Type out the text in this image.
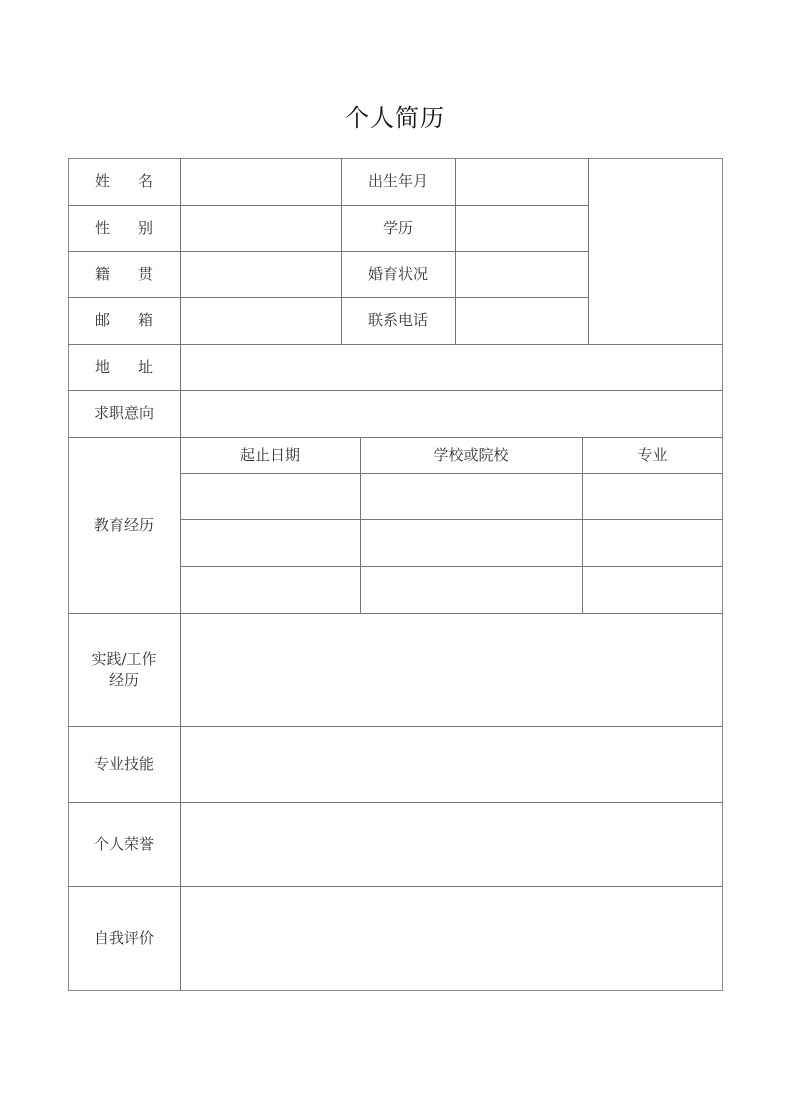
个人简历
姓名
性别
籍贯
邮箱
地址
求职意向
出生年月
学历
婚育状况
联系电话
教育经历
起止日期	学校或院校	专业
实践/工作
经历
专业技能
个人荣誉
自我评价
